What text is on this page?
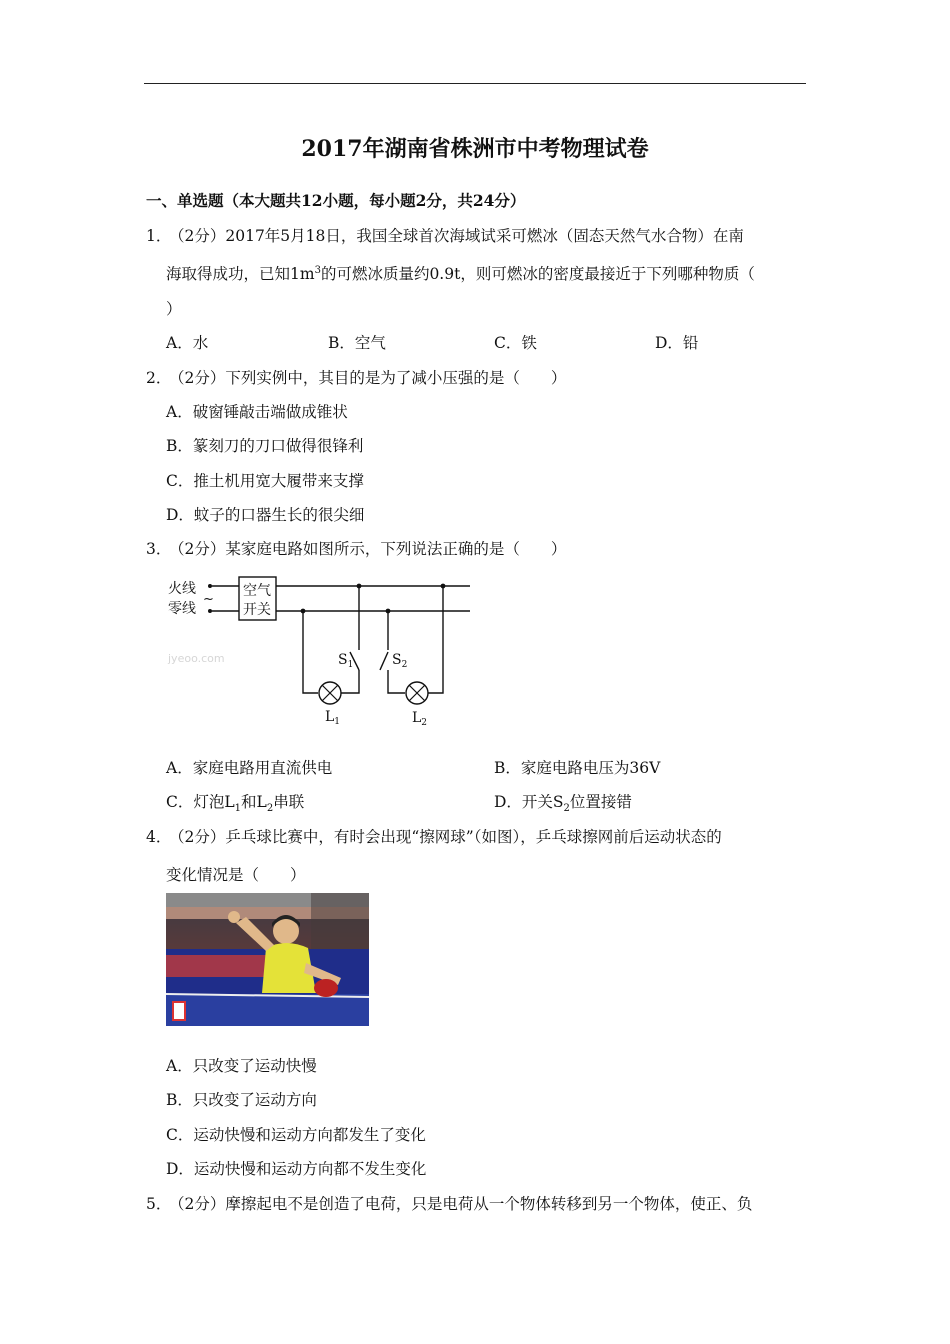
2017年湖南省株洲市中考物理试卷
一、单选题（本大题共12小题，每小题2分，共24分）
1．
（2分）2017年5月18日，我国全球首次海域试采可燃冰（固态天然气水合物）在南
海取得成功，已知$1m^3$的可燃冰质量约0.9t，则可燃冰的密度最接近于下列哪种物质（
）
A．水	B．空气	C．铁	D．铅
2．
（2分）下列实例中，其目的是为了减小压强的是（　　）
A．破窗锤敲击端做成锥状
B．篆刻刀的刀口做得很锋利
C．推土机用宽大履带来支撑
D．蚊子的口器生长的很尖细
3．
（2分）某家庭电路如图所示，下列说法正确的是（　　）
火线
零线
~
空气
开关
$S_1$	$S_2$
$L_1$	$L_2$
jyeoo.com
A．家庭电路用直流供电	B．家庭电路电压为36V
C．灯泡$L_1$和$L_2$串联	D．开关$S_2$位置接错
4．
（2分）乒乓球比赛中，有时会出现“擦网球”（如图），乒乓球擦网前后运动状态的
变化情况是（　　）
A．只改变了运动快慢
B．只改变了运动方向
C．运动快慢和运动方向都发生了变化
D．运动快慢和运动方向都不发生变化
5．
（2分）摩擦起电不是创造了电荷，只是电荷从一个物体转移到另一个物体，使正、负
